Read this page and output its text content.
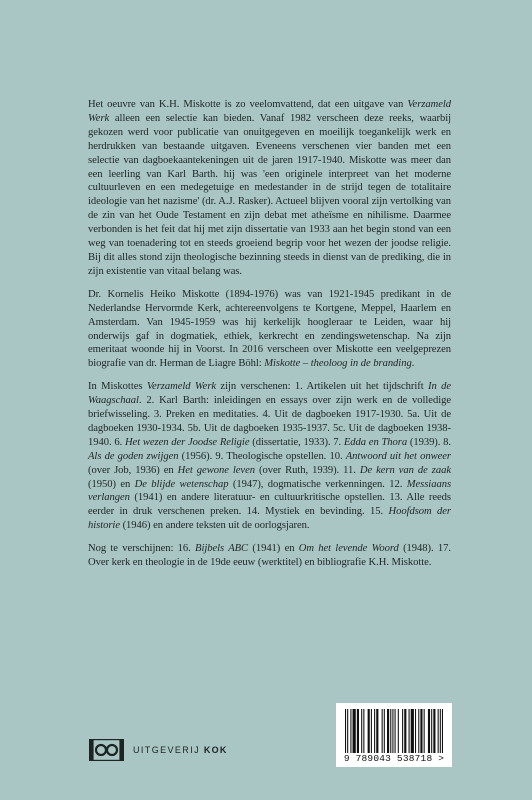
Het oeuvre van K.H. Miskotte is zo veelomvattend, dat een uitgave van Verzameld Werk alleen een selectie kan bieden. Vanaf 1982 verscheen deze reeks, waarbij gekozen werd voor publicatie van onuitgegeven en moeilijk toegankelijk werk en herdrukken van bestaande uitgaven. Eveneens verschenen vier banden met een selectie van dagboekaantekeningen uit de jaren 1917-1940. Miskotte was meer dan een leerling van Karl Barth. hij was 'een originele interpreet van het moderne cultuurleven en een medegetuige en medestander in de strijd tegen de totalitaire ideologie van het nazisme' (dr. A.J. Rasker). Actueel blijven vooral zijn vertolking van de zin van het Oude Testament en zijn debat met atheïsme en nihilisme. Daarmee verbonden is het feit dat hij met zijn dissertatie van 1933 aan het begin stond van een weg van toenadering tot en steeds groeiend begrip voor het wezen der joodse religie. Bij dit alles stond zijn theologische bezinning steeds in dienst van de prediking, die in zijn existentie van vitaal belang was.

Dr. Kornelis Heiko Miskotte (1894-1976) was van 1921-1945 predikant in de Nederlandse Hervormde Kerk, achtereenvolgens te Kortgene, Meppel, Haarlem en Amsterdam. Van 1945-1959 was hij kerkelijk hoogleraar te Leiden, waar hij onderwijs gaf in dogmatiek, ethiek, kerkrecht en zendingswetenschap. Na zijn emeritaat woonde hij in Voorst. In 2016 verscheen over Miskotte een veelgeprezen biografie van dr. Herman de Liagre Böhl: Miskotte – theoloog in de branding.

In Miskottes Verzameld Werk zijn verschenen: 1. Artikelen uit het tijdschrift In de Waagschaal. 2. Karl Barth: inleidingen en essays over zijn werk en de volledige briefwisseling. 3. Preken en meditaties. 4. Uit de dagboeken 1917-1930. 5a. Uit de dagboeken 1930-1934. 5b. Uit de dagboeken 1935-1937. 5c. Uit de dagboeken 1938-1940. 6. Het wezen der Joodse Religie (dissertatie, 1933). 7. Edda en Thora (1939). 8. Als de goden zwijgen (1956). 9. Theologische opstellen. 10. Antwoord uit het onweer (over Job, 1936) en Het gewone leven (over Ruth, 1939). 11. De kern van de zaak (1950) en De blijde wetenschap (1947), dogmatische verkenningen. 12. Messiaans verlangen (1941) en andere literatuur- en cultuurkritische opstellen. 13. Alle reeds eerder in druk verschenen preken. 14. Mystiek en bevinding. 15. Hoofdsom der historie (1946) en andere teksten uit de oorlogsjaren.

Nog te verschijnen: 16. Bijbels ABC (1941) en Om het levende Woord (1948). 17. Over kerk en theologie in de 19de eeuw (werktitel) en bibliografie K.H. Miskotte.

UITGEVERIJ KOK
9 789043 538718 >
